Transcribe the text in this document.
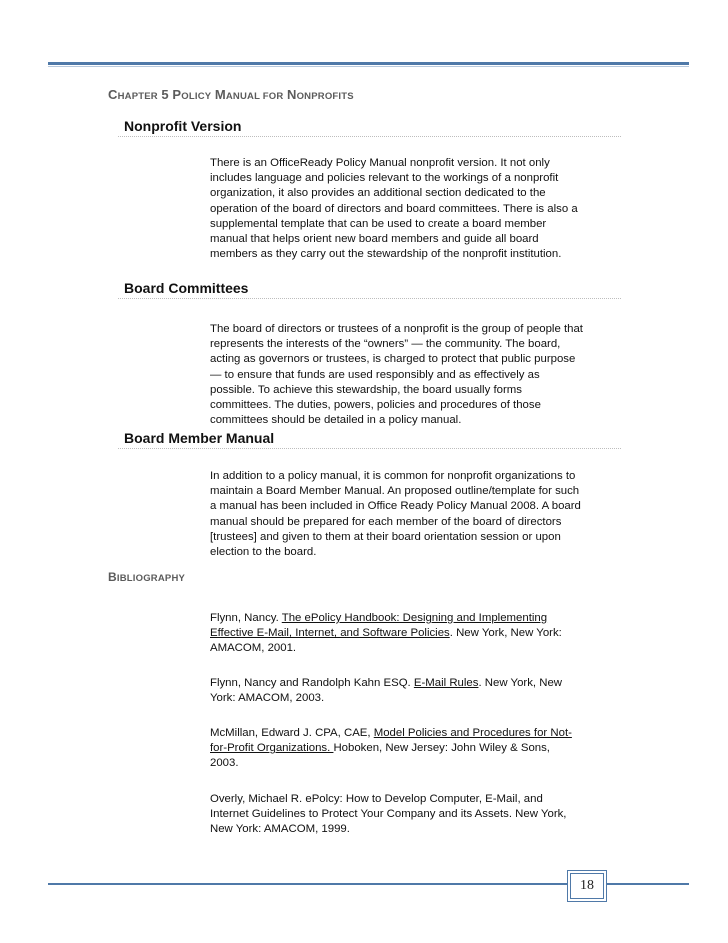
CHAPTER 5 POLICY MANUAL FOR NONPROFITS
Nonprofit Version
There is an OfficeReady Policy Manual nonprofit version. It not only includes language and policies relevant to the workings of a nonprofit organization, it also provides an additional section dedicated to the operation of the board of directors and board committees. There is also a supplemental template that can be used to create a board member manual that helps orient new board members and guide all board members as they carry out the stewardship of the nonprofit institution.
Board Committees
The board of directors or trustees of a nonprofit is the group of people that represents the interests of the “owners” — the community. The board, acting as governors or trustees, is charged to protect that public purpose — to ensure that funds are used responsibly and as effectively as possible. To achieve this stewardship, the board usually forms committees. The duties, powers, policies and procedures of those committees should be detailed in a policy manual.
Board Member Manual
In addition to a policy manual, it is common for nonprofit organizations to maintain a Board Member Manual. An proposed outline/template for such a manual has been included in Office Ready Policy Manual 2008. A board manual should be prepared for each member of the board of directors [trustees] and given to them at their board orientation session or upon election to the board.
BIBLIOGRAPHY
Flynn, Nancy. The ePolicy Handbook: Designing and Implementing Effective E-Mail, Internet, and Software Policies. New York, New York: AMACOM, 2001.
Flynn, Nancy and Randolph Kahn ESQ. E-Mail Rules. New York, New York: AMACOM, 2003.
McMillan, Edward J. CPA, CAE, Model Policies and Procedures for Not-for-Profit Organizations. Hoboken, New Jersey: John Wiley & Sons, 2003.
Overly, Michael R. ePolcy: How to Develop Computer, E-Mail, and Internet Guidelines to Protect Your Company and its Assets. New York, New York: AMACOM, 1999.
18
